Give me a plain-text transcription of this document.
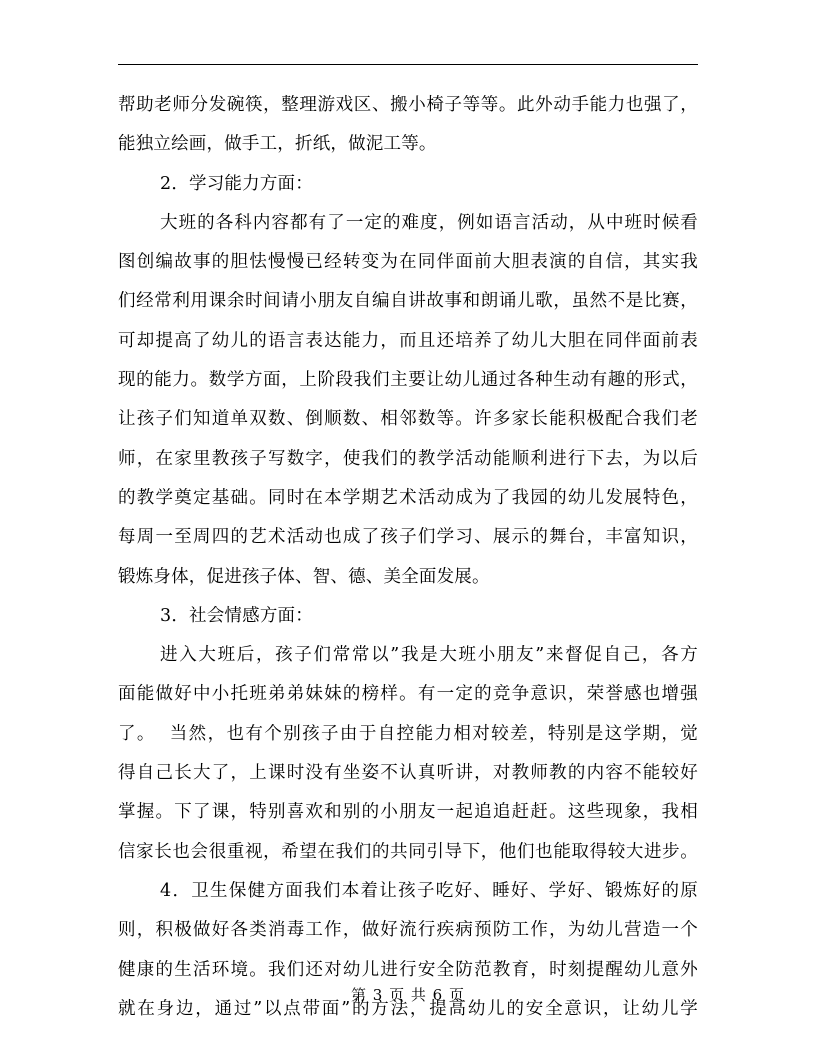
帮助老师分发碗筷，整理游戏区、搬小椅子等等。此外动手能力也强了，
能独立绘画，做手工，折纸，做泥工等。
2．学习能力方面：
大班的各科内容都有了一定的难度，例如语言活动，从中班时候看
图创编故事的胆怯慢慢已经转变为在同伴面前大胆表演的自信，其实我
们经常利用课余时间请小朋友自编自讲故事和朗诵儿歌，虽然不是比赛，
可却提高了幼儿的语言表达能力，而且还培养了幼儿大胆在同伴面前表
现的能力。数学方面，上阶段我们主要让幼儿通过各种生动有趣的形式，
让孩子们知道单双数、倒顺数、相邻数等。许多家长能积极配合我们老
师，在家里教孩子写数字，使我们的教学活动能顺利进行下去，为以后
的教学奠定基础。同时在本学期艺术活动成为了我园的幼儿发展特色，
每周一至周四的艺术活动也成了孩子们学习、展示的舞台，丰富知识，
锻炼身体，促进孩子体、智、德、美全面发展。
3．社会情感方面：
进入大班后，孩子们常常以”我是大班小朋友”来督促自己，各方
面能做好中小托班弟弟妹妹的榜样。有一定的竞争意识，荣誉感也增强
了。  当然，也有个别孩子由于自控能力相对较差，特别是这学期，觉
得自己长大了，上课时没有坐姿不认真听讲，对教师教的内容不能较好
掌握。下了课，特别喜欢和别的小朋友一起追追赶赶。这些现象，我相
信家长也会很重视，希望在我们的共同引导下，他们也能取得较大进步。
4．卫生保健方面我们本着让孩子吃好、睡好、学好、锻炼好的原
则，积极做好各类消毒工作，做好流行疾病预防工作，为幼儿营造一个
健康的生活环境。我们还对幼儿进行安全防范教育，时刻提醒幼儿意外
就在身边，通过”以点带面”的方法，提高幼儿的安全意识，让幼儿学
第 3 页 共 6 页
